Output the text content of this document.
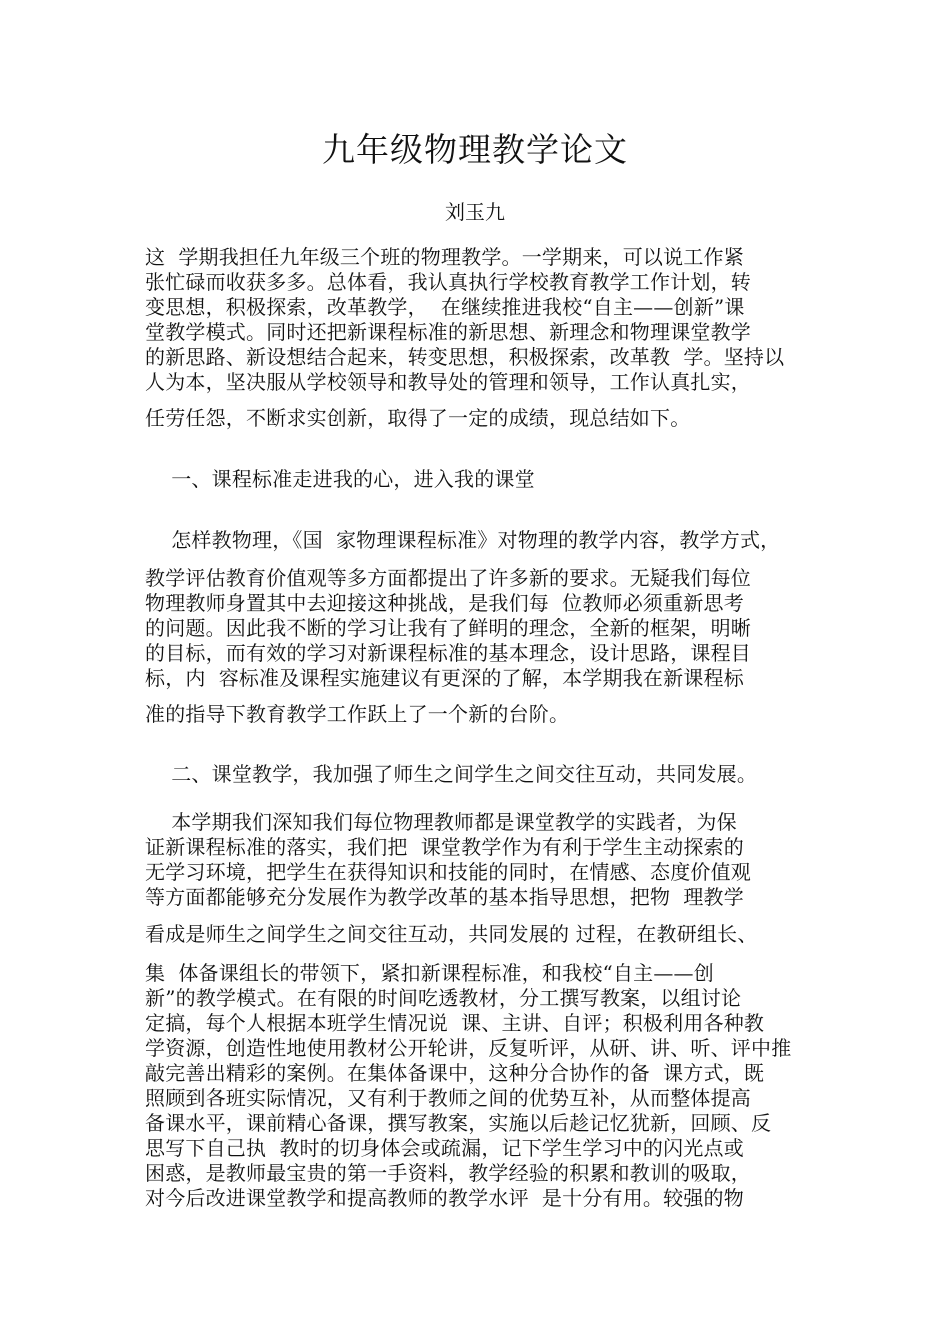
九年级物理教学论文
刘玉九
这  学期我担任九年级三个班的物理教学。一学期来，可以说工作紧
张忙碌而收获多多。总体看，我认真执行学校教育教学工作计划，转
变思想，积极探索，改革教学，  在继续推进我校“自主——创新”课
堂教学模式。同时还把新课程标准的新思想、新理念和物理课堂教学
的新思路、新设想结合起来，转变思想，积极探索，改革教  学。坚持以
人为本，坚决服从学校领导和教导处的管理和领导，工作认真扎实，
任劳任怨，不断求实创新，取得了一定的成绩，现总结如下。
一、课程标准走进我的心，进入我的课堂
怎样教物理，《国  家物理课程标准》对物理的教学内容，教学方式，
教学评估教育价值观等多方面都提出了许多新的要求。无疑我们每位
物理教师身置其中去迎接这种挑战，是我们每  位教师必须重新思考
的问题。因此我不断的学习让我有了鲜明的理念，全新的框架，明晰
的目标，而有效的学习对新课程标准的基本理念，设计思路，课程目
标，内  容标准及课程实施建议有更深的了解，本学期我在新课程标
准的指导下教育教学工作跃上了一个新的台阶。
二、课堂教学，我加强了师生之间学生之间交往互动，共同发展。
本学期我们深知我们每位物理教师都是课堂教学的实践者，为保
证新课程标准的落实，我们把  课堂教学作为有利于学生主动探索的
无学习环境，把学生在获得知识和技能的同时，在情感、态度价值观
等方面都能够充分发展作为教学改革的基本指导思想，把物  理教学
看成是师生之间学生之间交往互动，共同发展的 过程，在教研组长、
集  体备课组长的带领下，紧扣新课程标准，和我校“自主——创
新”的教学模式。在有限的时间吃透教材，分工撰写教案，以组讨论
定搞，每个人根据本班学生情况说  课、主讲、自评；积极利用各种教
学资源，创造性地使用教材公开轮讲，反复听评，从研、讲、听、评中推
敲完善出精彩的案例。在集体备课中，这种分合协作的备  课方式，既
照顾到各班实际情况，又有利于教师之间的优势互补，从而整体提高
备课水平，课前精心备课，撰写教案，实施以后趁记忆犹新，回顾、反
思写下自己执  教时的切身体会或疏漏，记下学生学习中的闪光点或
困惑，是教师最宝贵的第一手资料，教学经验的积累和教训的吸取，
对今后改进课堂教学和提高教师的教学水评  是十分有用。较强的物
